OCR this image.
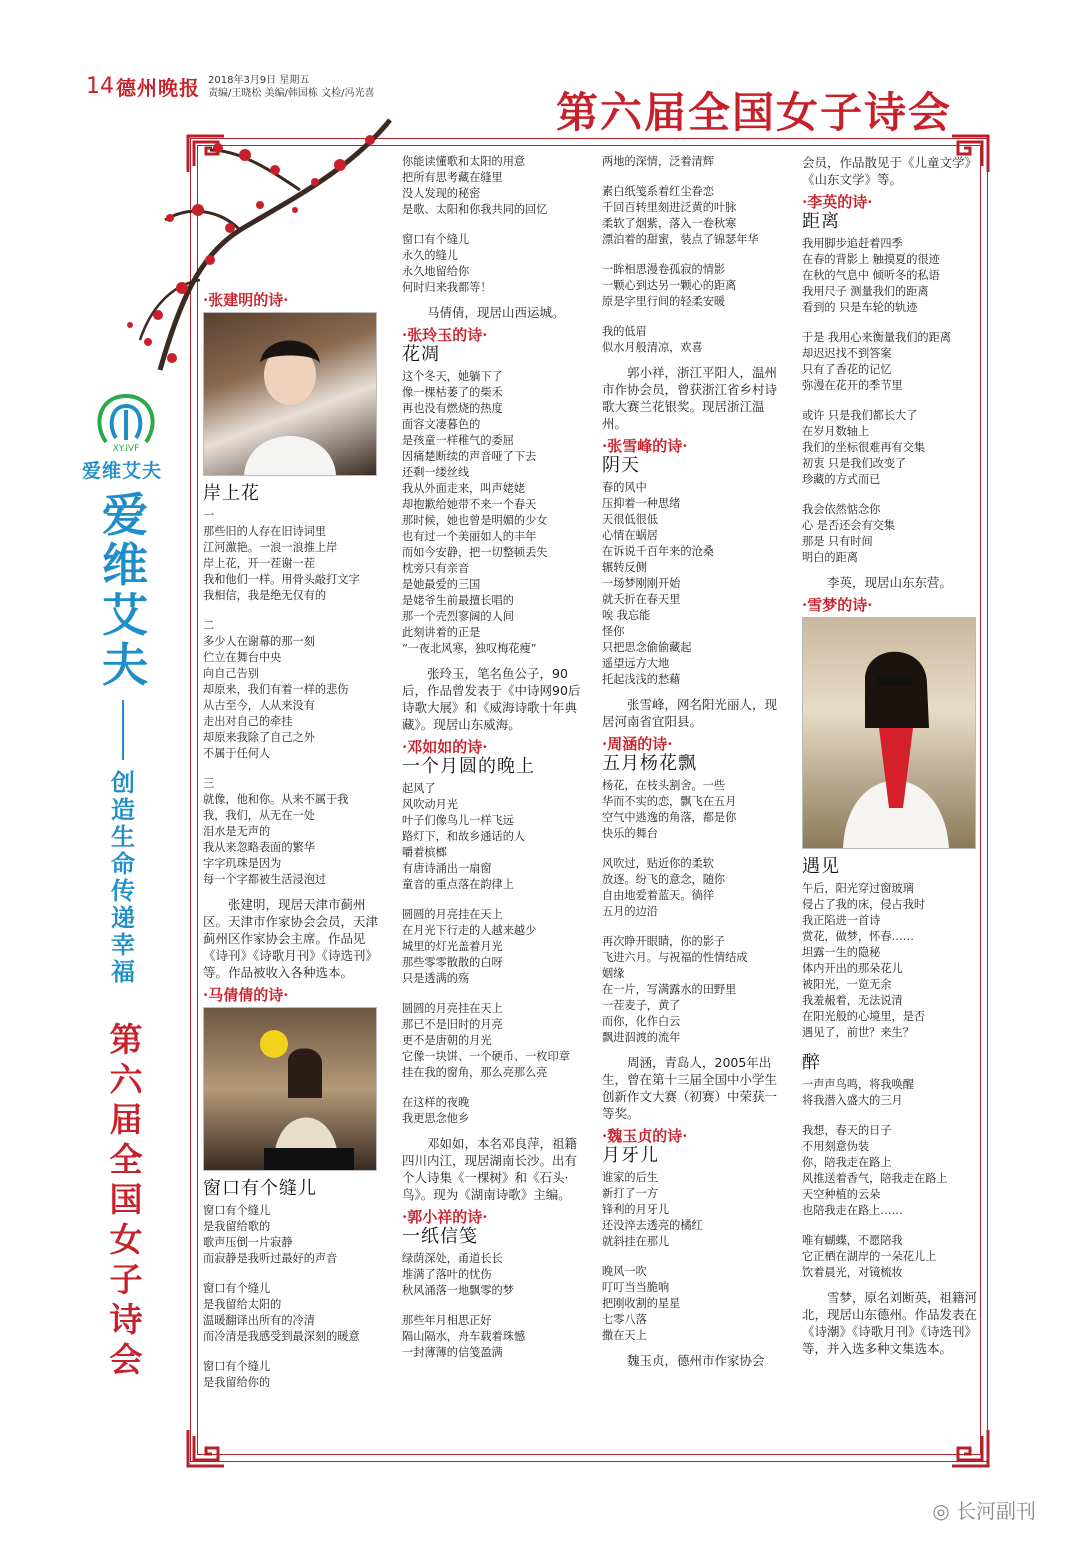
14 德州晚报 2018年3月9日 星期五
责编/王晓松 美编/韩国栋 文检/冯光喜	第六届全国女子诗会
XY.IVF
爱维艾夫
爱维艾夫
创造生命 传递幸福
第六届全国女子诗会
·张建明的诗·
岸上花

一

那些旧的人存在旧诗词里

江河激艳。一浪一浪推上岸

岸上花，开一茬谢一茬

我和他们一样。用骨头敲打文字

我相信，我是绝无仅有的

二

多少人在谢幕的那一刻

伫立在舞台中央

向自己告别

却原来，我们有着一样的悲伤

从古至今，人从来没有

走出对自己的牵挂

却原来我除了自己之外

不属于任何人

三

就像，他和你。从来不属于我

我，我们，从无在一处

泪水是无声的

我从来忽略表面的繁华

字字玑珠是因为

每一个字都被生活浸泡过

张建明，现居天津市蓟州区。天津市作家协会会员，天津蓟州区作家协会主席。作品见《诗刊》《诗歌月刊》《诗选刊》等。作品被收入各种选本。
·马倩倩的诗·
窗口有个缝儿

窗口有个缝儿

是我留给歌的

歌声压倒一片寂静

而寂静是我听过最好的声音

窗口有个缝儿

是我留给太阳的

温暖翻译出所有的冷清

而冷清是我感受到最深刻的暖意

窗口有个缝儿

是我留给你的

你能读懂歌和太阳的用意

把所有思考藏在缝里

没人发现的秘密

是歌、太阳和你我共同的回忆

窗口有个缝儿

永久的缝儿

永久地留给你

何时归来我都等！

马倩倩，现居山西运城。
·张玲玉的诗·
花凋

这个冬天，她躺下了

像一棵枯萎了的柴禾

再也没有燃烧的热度

面容文凄暮色的

是孩童一样稚气的委屈

因痛楚断续的声音哑了下去

还剩一缕丝线

我从外面走来，叫声姥姥

却抱歉给她带不来一个春天

那时候，她也曾是明媚的少女

也有过一个美丽如人的丰年

而如今安静，把一切整顿丢失

枕旁只有亲音

是她最爱的三国

是姥爷生前最擅长唱的

那一个壳烈寥阔的人间

此刻讲着的正是

“一夜北风寒，独叹梅花瘦”

张玲玉，笔名鱼公子，90后，作品曾发表于《中诗网90后诗歌大展》和《威海诗歌十年典藏》。现居山东威海。
·邓如如的诗·
一个月圆的晚上

起风了

风吹动月光

叶子们像鸟儿一样飞远

路灯下，和故乡通话的人

嚼着槟榔

有唐诗涌出一扇窗

童音的重点落在韵律上

圆圆的月亮挂在天上

在月光下行走的人越来越少

城里的灯光盖着月光

那些零零散散的白呀

只是透满的殇

圆圆的月亮挂在天上

那已不是旧时的月亮

更不是唐朝的月光

它像一块饼、一个硬币、一枚印章

挂在我的窗角，那么亮那么亮

在这样的夜晚

我更思念他乡

邓如如，本名邓良萍，祖籍四川内江，现居湖南长沙。出有个人诗集《一棵树》和《石头·鸟》。现为《湖南诗歌》主编。
·郭小祥的诗·
一纸信笺

绿荫深处，甬道长长

堆满了落叶的忧伤

秋风涌落一地飘零的梦

那些年月相思正好

隔山隔水，舟车载着珠憾

一封薄薄的信笺盈满

两地的深情，泛着清辉

素白纸笺系着红尘眷恋

千回百转里刻进泛黄的叶脉

柔软了烟紫，落入一卷秋寒

漂泊着的甜蜜，装点了锦瑟年华

一眸相思漫卷孤寂的情影

一颗心到达另一颗心的距离

原是字里行间的轻柔安暖

我的低眉

似水月般清凉，欢喜

郭小祥，浙江平阳人，温州市作协会员，曾获浙江省乡村诗歌大赛兰花银奖。现居浙江温州。
·张雪峰的诗·
阴天

春的风中

压抑着一种思绪

天很低很低

心情在蜗居

在诉说千百年来的沧桑

辗转反侧

一场梦刚刚开始

就夭折在春天里

唉 我忘能

怪你

只把思念偷偷藏起

遥望远方大地

托起浅浅的愁藉

张雪峰，网名阳光丽人，现居河南省宜阳县。
·周涵的诗·
五月杨花飘

杨花，在枝头割舍。一些

华而不实的恋，飘飞在五月

空气中逃逸的角落，都是你

快乐的舞台

风吹过，贴近你的柔软

放逐。纷飞的意念，随你

自由地爱着蓝天。徜徉

五月的边沿

再次睁开眼睛，你的影子

飞进六月。与祝福的性情结成

姻缘

在一片，写满露水的田野里

一茬麦子，黄了

而你，化作白云

飘进泅渡的流年

周涵，青岛人，2005年出生，曾在第十三届全国中小学生创新作文大赛（初赛）中荣获一等奖。
·魏玉贞的诗·
月牙儿

谁家的后生

新打了一方

锋利的月牙儿

还没淬去透亮的橘红

就斜挂在那儿

晚风一吹

叮叮当当脆响

把刚收割的星星

七零八落

撒在天上

魏玉贞，德州市作家协会
会员，作品散见于《儿童文学》《山东文学》等。
·李英的诗·
距离

我用脚步追赶着四季

在春的背影上 触摸夏的很迹

在秋的气息中 倾听冬的私语

我用尺子 测量我们的距离

看到的 只是车轮的轨迹

于是 我用心来衡量我们的距离

却迟迟找不到答案

只有了香花的记忆

弥漫在花开的季节里

或许 只是我们都长大了

在岁月数轴上

我们的坐标很难再有交集

初衷 只是我们改变了

珍藏的方式而已

我会依然惦念你

心 是否还会有交集

那是 只有时间

明白的距离

李英，现居山东东营。
·雪梦的诗·
遇见

午后，阳光穿过窗玻璃

侵占了我的床，侵占我时

我正陷进一首诗

赏花，做梦，怀春……

坦露一生的隐秘

体内开出的那朵花儿

被阳光，一览无余

我羞赧着，无法说清

在阳光般的心境里，是否

遇见了，前世？来生？

醉

一声声鸟鸣，将我唤醒

将我潜入盛大的三月

我想，春天的日子

不用刻意伪装

你，陪我走在路上

风推送着香气，陪我走在路上

天空种植的云朵

也陪我走在路上……

唯有蝴蝶，不愿陪我

它正栖在湖岸的一朵花儿上

饮着晨光，对镜梳妆

雪梦，原名刘断英，祖籍河北，现居山东德州。作品发表在《诗潮》《诗歌月刊》《诗选刊》等，并入选多种文集选本。
◎ 长河副刊
